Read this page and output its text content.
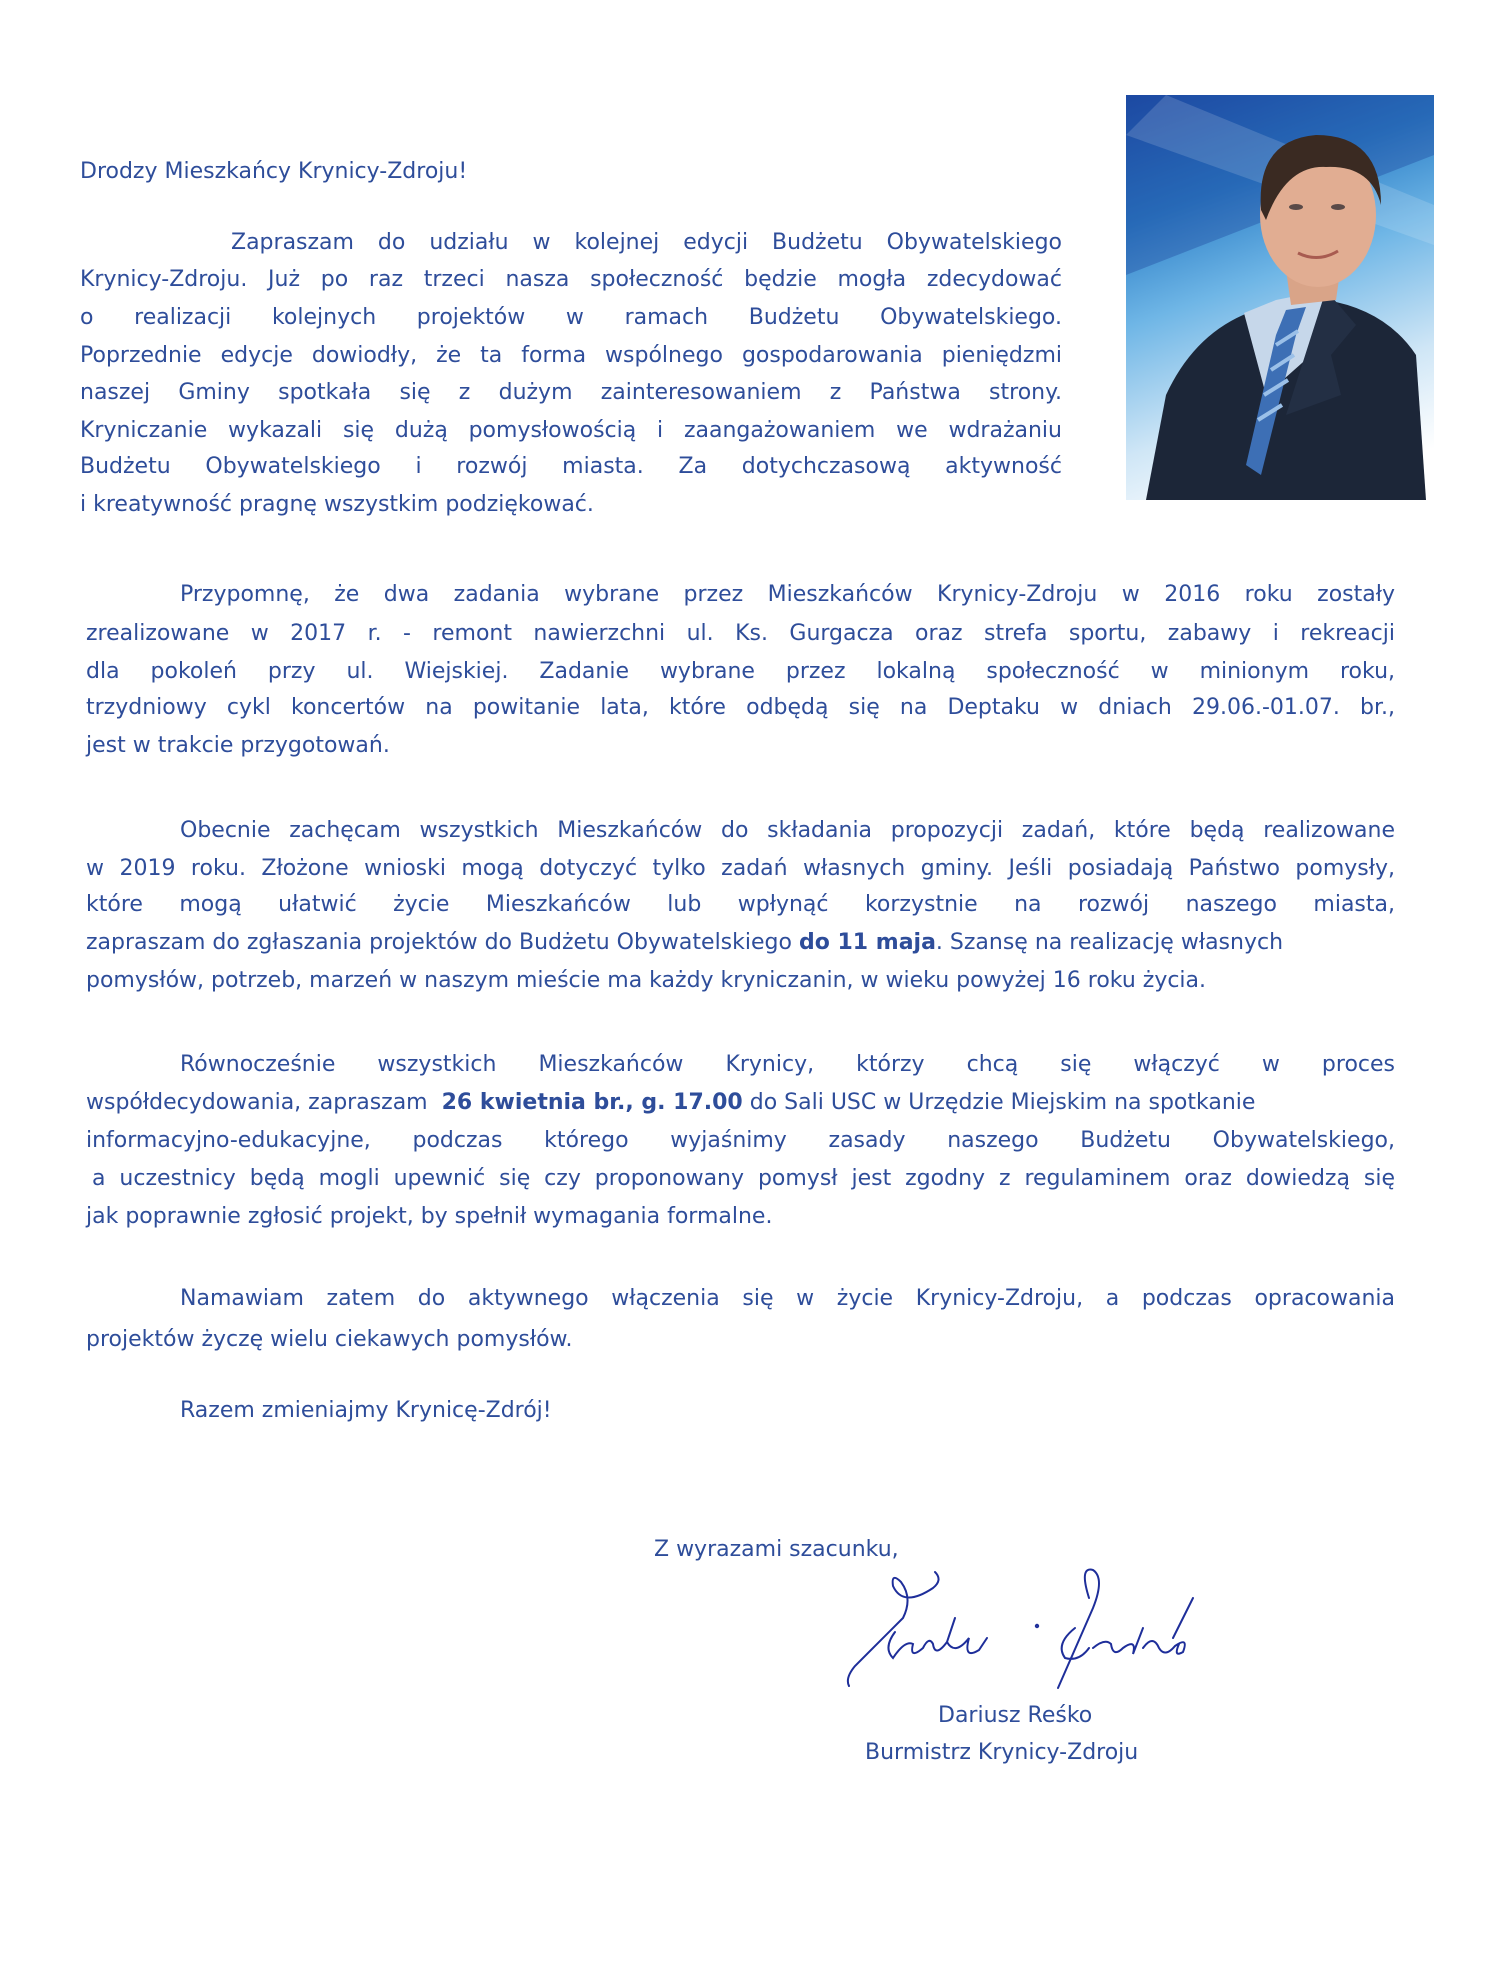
Drodzy Mieszkańcy Krynicy-Zdroju!
Zapraszam do udziału w kolejnej edycji Budżetu Obywatelskiego
Krynicy-Zdroju. Już po raz trzeci nasza społeczność będzie mogła zdecydować
o realizacji kolejnych projektów w ramach Budżetu Obywatelskiego.
Poprzednie edycje dowiodły, że ta forma wspólnego gospodarowania pieniędzmi
naszej Gminy spotkała się z dużym zainteresowaniem z Państwa strony.
Kryniczanie wykazali się dużą pomysłowością i zaangażowaniem we wdrażaniu
Budżetu Obywatelskiego i rozwój miasta. Za dotychczasową aktywność
i kreatywność pragnę wszystkim podziękować.
Przypomnę, że dwa zadania wybrane przez Mieszkańców Krynicy-Zdroju w 2016 roku zostały
zrealizowane w 2017 r. - remont nawierzchni ul. Ks. Gurgacza oraz strefa sportu, zabawy i rekreacji
dla pokoleń przy ul. Wiejskiej. Zadanie wybrane przez lokalną społeczność w minionym roku,
trzydniowy cykl koncertów na powitanie lata, które odbędą się na Deptaku w dniach 29.06.-01.07. br.,
jest w trakcie przygotowań.
Obecnie zachęcam wszystkich Mieszkańców do składania propozycji zadań, które będą realizowane
w 2019 roku. Złożone wnioski mogą dotyczyć tylko zadań własnych gminy. Jeśli posiadają Państwo pomysły,
które mogą ułatwić życie Mieszkańców lub wpłynąć korzystnie na rozwój naszego miasta,
zapraszam do zgłaszania projektów do Budżetu Obywatelskiego do 11 maja. Szansę na realizację własnych
pomysłów, potrzeb, marzeń w naszym mieście ma każdy kryniczanin, w wieku powyżej 16 roku życia.
Równocześnie wszystkich Mieszkańców Krynicy, którzy chcą się włączyć w proces
współdecydowania, zapraszam 26 kwietnia br., g. 17.00 do Sali USC w Urzędzie Miejskim na spotkanie
informacyjno-edukacyjne, podczas którego wyjaśnimy zasady naszego Budżetu Obywatelskiego,
a uczestnicy będą mogli upewnić się czy proponowany pomysł jest zgodny z regulaminem oraz dowiedzą się
jak poprawnie zgłosić projekt, by spełnił wymagania formalne.
Namawiam zatem do aktywnego włączenia się w życie Krynicy-Zdroju, a podczas opracowania
projektów życzę wielu ciekawych pomysłów.
Razem zmieniajmy Krynicę-Zdrój!
Z wyrazami szacunku,
Dariusz Reśko
Burmistrz Krynicy-Zdroju
